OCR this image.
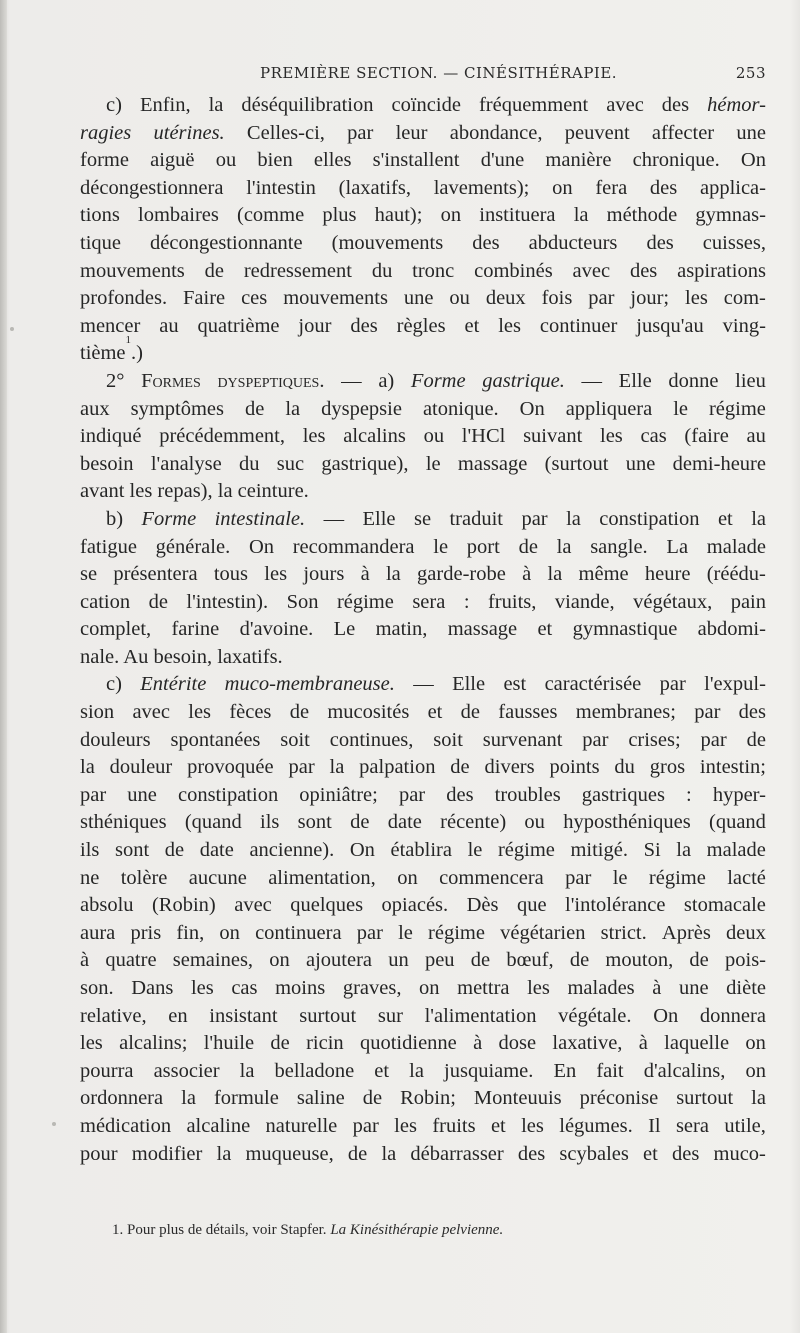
PREMIÈRE SECTION. — CINÉSITHÉRAPIE.	253
c) Enfin, la déséquilibration coïncide fréquemment avec des hémor-
ragies utérines. Celles-ci, par leur abondance, peuvent affecter une
forme aiguë ou bien elles s'installent d'une manière chronique. On
décongestionnera l'intestin (laxatifs, lavements); on fera des applica-
tions lombaires (comme plus haut); on instituera la méthode gymnas-
tique décongestionnante (mouvements des abducteurs des cuisses,
mouvements de redressement du tronc combinés avec des aspirations
profondes. Faire ces mouvements une ou deux fois par jour; les com-
mencer au quatrième jour des règles et les continuer jusqu'au ving-
tième
1
.)
2° Formes dyspeptiques. — a) Forme gastrique. — Elle donne lieu
aux symptômes de la dyspepsie atonique. On appliquera le régime
indiqué précédemment, les alcalins ou l'HCl suivant les cas (faire au
besoin l'analyse du suc gastrique), le massage (surtout une demi-heure
avant les repas), la ceinture.
b) Forme intestinale. — Elle se traduit par la constipation et la
fatigue générale. On recommandera le port de la sangle. La malade
se présentera tous les jours à la garde-robe à la même heure (réédu-
cation de l'intestin). Son régime sera : fruits, viande, végétaux, pain
complet, farine d'avoine. Le matin, massage et gymnastique abdomi-
nale. Au besoin, laxatifs.
c) Entérite muco-membraneuse. — Elle est caractérisée par l'expul-
sion avec les fèces de mucosités et de fausses membranes; par des
douleurs spontanées soit continues, soit survenant par crises; par de
la douleur provoquée par la palpation de divers points du gros intestin;
par une constipation opiniâtre; par des troubles gastriques : hyper-
sthéniques (quand ils sont de date récente) ou hyposthéniques (quand
ils sont de date ancienne). On établira le régime mitigé. Si la malade
ne tolère aucune alimentation, on commencera par le régime lacté
absolu (Robin) avec quelques opiacés. Dès que l'intolérance stomacale
aura pris fin, on continuera par le régime végétarien strict. Après deux
à quatre semaines, on ajoutera un peu de bœuf, de mouton, de pois-
son. Dans les cas moins graves, on mettra les malades à une diète
relative, en insistant surtout sur l'alimentation végétale. On donnera
les alcalins; l'huile de ricin quotidienne à dose laxative, à laquelle on
pourra associer la belladone et la jusquiame. En fait d'alcalins, on
ordonnera la formule saline de Robin; Monteuuis préconise surtout la
médication alcaline naturelle par les fruits et les légumes. Il sera utile,
pour modifier la muqueuse, de la débarrasser des scybales et des muco-
1. Pour plus de détails, voir Stapfer. La Kinésithérapie pelvienne.
